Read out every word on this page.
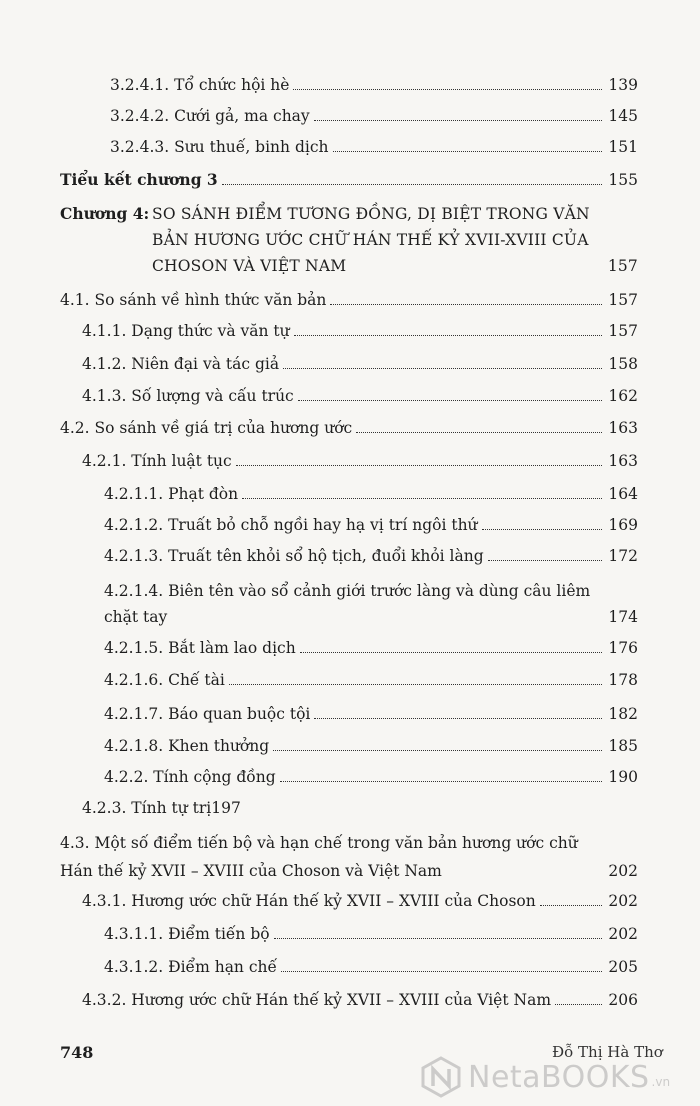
3.2.4.1. Tổ chức hội hè	139
3.2.4.2. Cưới gả, ma chay	145
3.2.4.3. Sưu thuế, binh dịch	151
Tiểu kết chương 3	155
Chương 4: SO SÁNH ĐIỂM TƯƠNG ĐỒNG, DỊ BIỆT TRONG VĂN BẢN HƯƠNG ƯỚC CHỮ HÁN THẾ KỶ XVII-XVIII CỦA CHOSON VÀ VIỆT NAM	157
4.1. So sánh về hình thức văn bản	157
4.1.1. Dạng thức và văn tự	157
4.1.2. Niên đại và tác giả	158
4.1.3. Số lượng và cấu trúc	162
4.2. So sánh về giá trị của hương ước	163
4.2.1. Tính luật tục	163
4.2.1.1. Phạt đòn	164
4.2.1.2. Truất bỏ chỗ ngồi hay hạ vị trí ngôi thứ	169
4.2.1.3. Truất tên khỏi sổ hộ tịch, đuổi khỏi làng	172
4.2.1.4. Biên tên vào sổ cảnh giới trước làng và dùng câu liêm chặt tay	174
4.2.1.5. Bắt làm lao dịch	176
4.2.1.6. Chế tài	178
4.2.1.7. Báo quan buộc tội	182
4.2.1.8. Khen thưởng	185
4.2.2. Tính cộng đồng	190
4.2.3. Tính tự trị197
4.3. Một số điểm tiến bộ và hạn chế trong văn bản hương ước chữ Hán thế kỷ XVII – XVIII của Choson và Việt Nam	202
4.3.1. Hương ước chữ Hán thế kỷ XVII – XVIII của Choson	202
4.3.1.1. Điểm tiến bộ	202
4.3.1.2. Điểm hạn chế	205
4.3.2. Hương ước chữ Hán thế kỷ XVII – XVIII của Việt Nam	206
748	Đỗ Thị Hà Thơ
NetaBOOKS .vn
